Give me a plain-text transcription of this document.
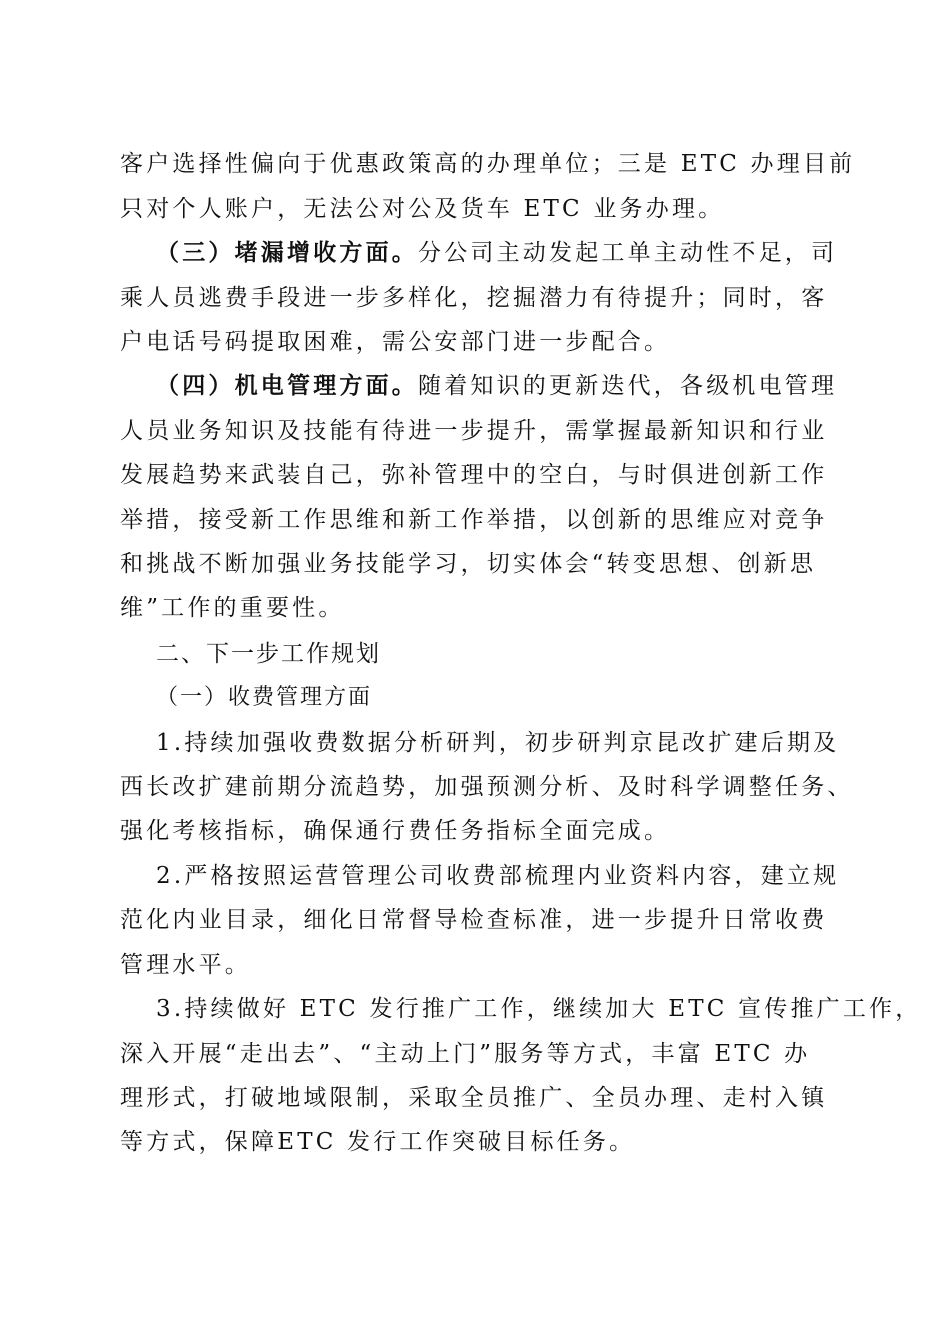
客户选择性偏向于优惠政策高的办理单位；三是 ETC 办理目前
只对个人账户，无法公对公及货车 ETC 业务办理。
（三）堵漏增收方面。分公司主动发起工单主动性不足，司
乘人员逃费手段进一步多样化，挖掘潜力有待提升；同时，客
户电话号码提取困难，需公安部门进一步配合。
（四）机电管理方面。随着知识的更新迭代，各级机电管理
人员业务知识及技能有待进一步提升，需掌握最新知识和行业
发展趋势来武装自己，弥补管理中的空白，与时俱进创新工作
举措，接受新工作思维和新工作举措，以创新的思维应对竞争
和挑战不断加强业务技能学习，切实体会“转变思想、创新思
维”工作的重要性。
二、下一步工作规划
（一）收费管理方面
1.持续加强收费数据分析研判，初步研判京昆改扩建后期及
西长改扩建前期分流趋势，加强预测分析、及时科学调整任务、
强化考核指标，确保通行费任务指标全面完成。
2.严格按照运营管理公司收费部梳理内业资料内容，建立规
范化内业目录，细化日常督导检查标准，进一步提升日常收费
管理水平。
3.持续做好 ETC 发行推广工作，继续加大 ETC 宣传推广工作，
深入开展“走出去”、“主动上门”服务等方式，丰富 ETC 办
理形式，打破地域限制，采取全员推广、全员办理、走村入镇
等方式，保障ETC 发行工作突破目标任务。
